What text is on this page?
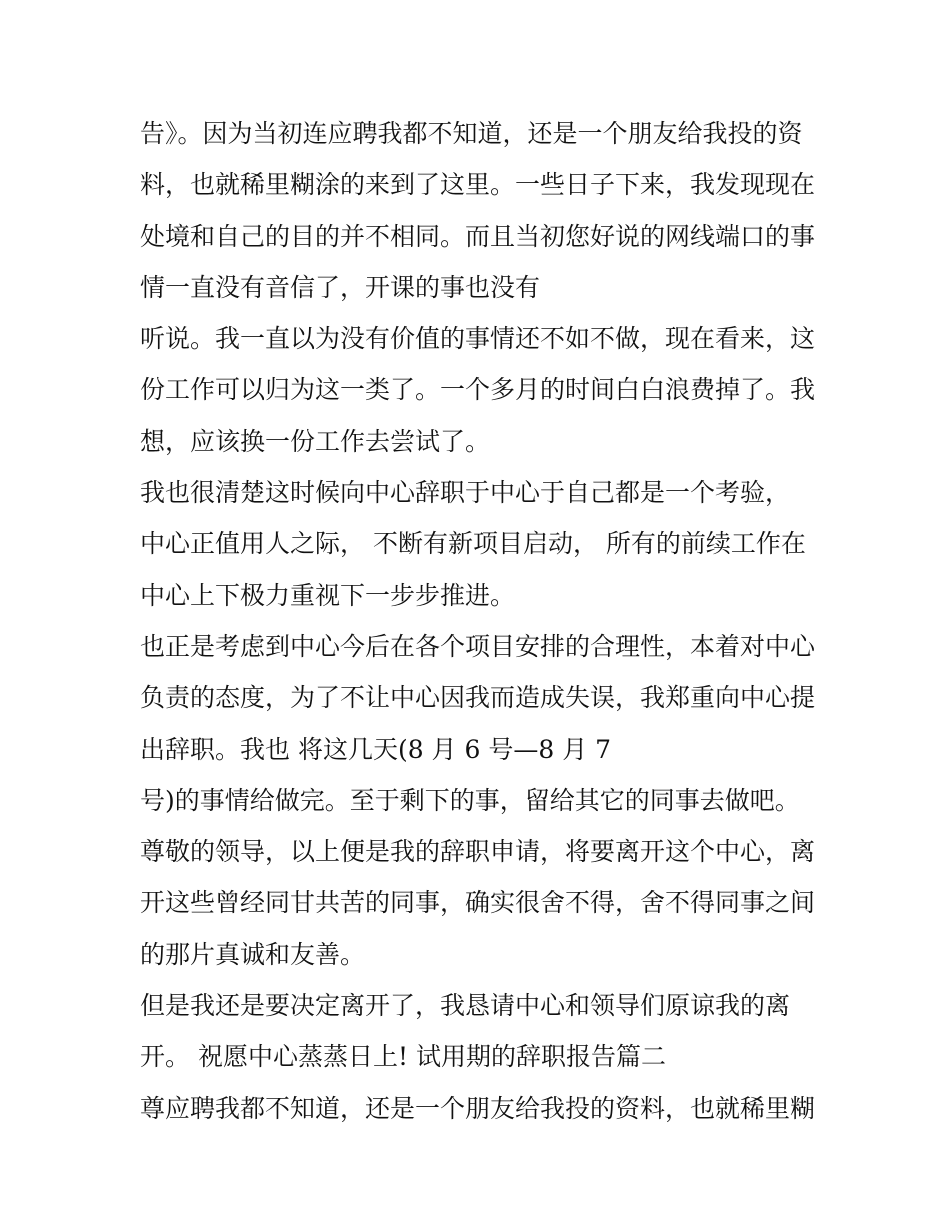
告》。因为当初连应聘我都不知道，还是一个朋友给我投的资
料，也就稀里糊涂的来到了这里。一些日子下来，我发现现在
处境和自己的目的并不相同。而且当初您好说的网线端口的事
情一直没有音信了，开课的事也没有
听说。我一直以为没有价值的事情还不如不做，现在看来，这
份工作可以归为这一类了。一个多月的时间白白浪费掉了。我
想，应该换一份工作去尝试了。
我也很清楚这时候向中心辞职于中心于自己都是一个考验，
中心正值用人之际， 不断有新项目启动， 所有的前续工作在
中心上下极力重视下一步步推进。
也正是考虑到中心今后在各个项目安排的合理性，本着对中心
负责的态度，为了不让中心因我而造成失误，我郑重向中心提
出辞职。我也 将这几天(8 月 6 号—8 月 7
号)的事情给做完。至于剩下的事，留给其它的同事去做吧。
尊敬的领导，以上便是我的辞职申请，将要离开这个中心，离
开这些曾经同甘共苦的同事，确实很舍不得，舍不得同事之间
的那片真诚和友善。
但是我还是要决定离开了，我恳请中心和领导们原谅我的离
开。 祝愿中心蒸蒸日上! 试用期的辞职报告篇二
尊应聘我都不知道，还是一个朋友给我投的资料，也就稀里糊
